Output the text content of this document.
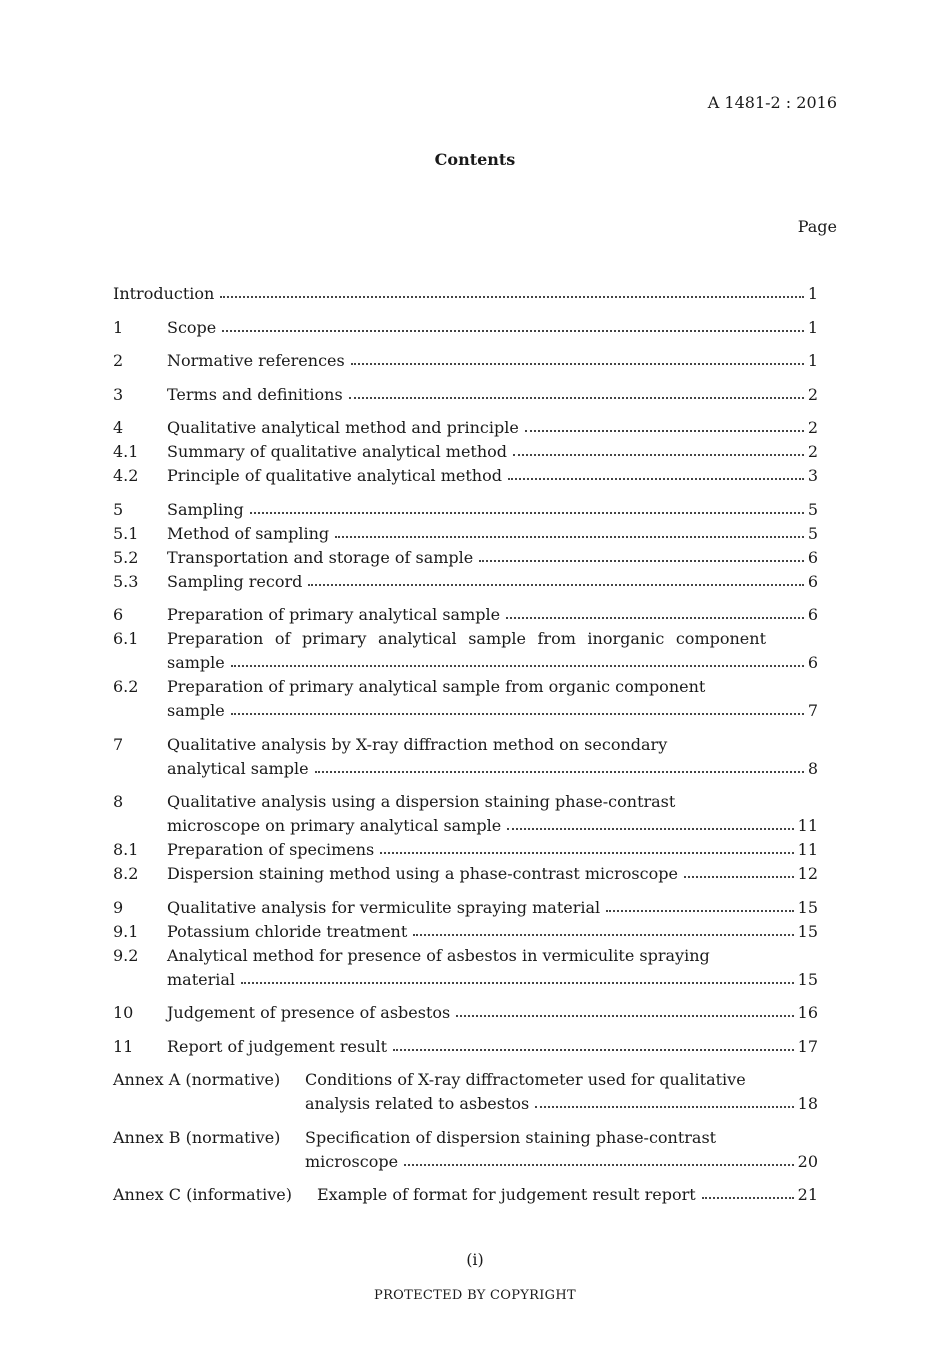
A 1481-2 : 2016
Contents
Page
Introduction	1
1	Scope	1
2	Normative references	1
3	Terms and definitions	2
4	Qualitative analytical method and principle	2
4.1	Summary of qualitative analytical method	2
4.2	Principle of qualitative analytical method	3
5	Sampling	5
5.1	Method of sampling	5
5.2	Transportation and storage of sample	6
5.3	Sampling record	6
6	Preparation of primary analytical sample	6
6.1	Preparation of primary analytical sample from inorganic component
sample	6
6.2	Preparation of primary analytical sample from organic component
sample	7
7	Qualitative analysis by X-ray diffraction method on secondary
analytical sample	8
8	Qualitative analysis using a dispersion staining phase-contrast
microscope on primary analytical sample	11
8.1	Preparation of specimens	11
8.2	Dispersion staining method using a phase-contrast microscope	12
9	Qualitative analysis for vermiculite spraying material	15
9.1	Potassium chloride treatment	15
9.2	Analytical method for presence of asbestos in vermiculite spraying
material	15
10	Judgement of presence of asbestos	16
11	Report of judgement result	17
Annex A (normative)	Conditions of X-ray diffractometer used for qualitative
analysis related to asbestos	18
Annex B (normative)	Specification of dispersion staining phase-contrast
microscope	20
Annex C (informative)	Example of format for judgement result report	21
(i)
PROTECTED BY COPYRIGHT
